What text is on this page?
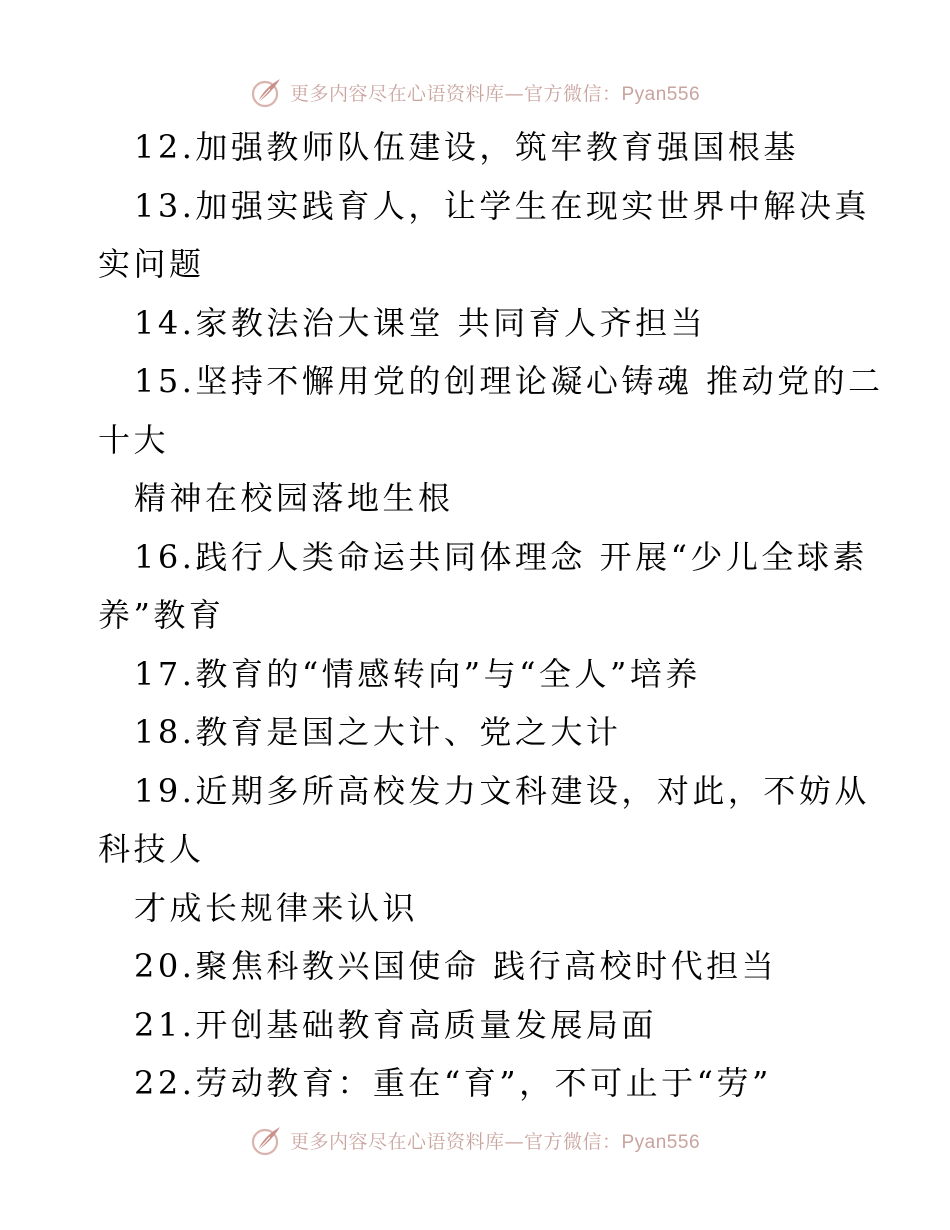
更多内容尽在心语资料库—官方微信：Pyan556
12.加强教师队伍建设，筑牢教育强国根基
13.加强实践育人，让学生在现实世界中解决真
实问题
14.家教法治大课堂 共同育人齐担当
15.坚持不懈用党的创理论凝心铸魂 推动党的二
十大
精神在校园落地生根
16.践行人类命运共同体理念 开展“少儿全球素
养”教育
17.教育的“情感转向”与“全人”培养
18.教育是国之大计、党之大计
19.近期多所高校发力文科建设，对此，不妨从
科技人
才成长规律来认识
20.聚焦科教兴国使命 践行高校时代担当
21.开创基础教育高质量发展局面
22.劳动教育：重在“育”，不可止于“劳”
更多内容尽在心语资料库—官方微信：Pyan556
